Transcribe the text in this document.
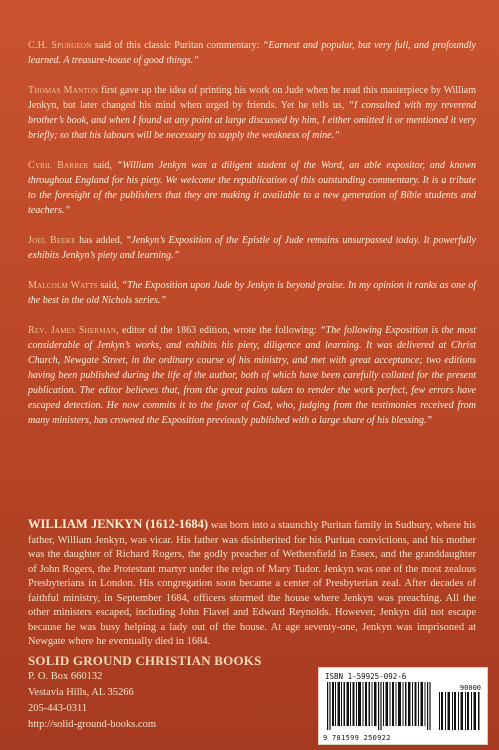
C.H. Spurgeon said of this classic Puritan commentary: “Earnest and popular, but very full, and profoundly learned. A treasure-house of good things.”

Thomas Manton first gave up the idea of printing his work on Jude when he read this masterpiece by William Jenkyn, but later changed his mind when urged by friends. Yet he tells us, “I consulted with my reverend brother’s book, and when I found at any point at large discussed by him, I either omitted it or mentioned it very briefly; so that his labours will be necessary to supply the weakness of mine.”

Cyril Barber said, “William Jenkyn was a diligent student of the Word, an able expositor, and known throughout England for his piety. We welcome the republication of this outstanding commentary. It is a tribute to the foresight of the publishers that they are making it available to a new generation of Bible students and teachers.”

Joel Beeke has added, “Jenkyn’s Exposition of the Epistle of Jude remains unsurpassed today. It powerfully exhibits Jenkyn’s piety and learning.”

Malcolm Watts said, “The Exposition upon Jude by Jenkyn is beyond praise. In my opinion it ranks as one of the best in the old Nichols series.”

Rev. James Sherman, editor of the 1863 edition, wrote the following: “The following Exposition is the most considerable of Jenkyn’s works, and exhibits his piety, diligence and learning. It was delivered at Christ Church, Newgate Street, in the ordinary course of his ministry, and met with great acceptance; two editions having been published during the life of the author, both of which have been carefully collated for the present publication. The editor believes that, from the great pains taken to render the work perfect, few errors have escaped detection. He now commits it to the favor of God, who, judging from the testimonies received from many ministers, has crowned the Exposition previously published with a large share of his blessing.”

WILLIAM JENKYN (1612-1684) was born into a staunchly Puritan family in Sudbury, where his father, William Jenkyn, was vicar. His father was disinherited for his Puritan convictions, and his mother was the daughter of Richard Rogers, the godly preacher of Wethersfield in Essex, and the granddaughter of John Rogers, the Protestant martyr under the reign of Mary Tudor. Jenkyn was one of the most zealous Presbyterians in London. His congregation soon became a center of Presbyterian zeal. After decades of faithful ministry, in September 1684, officers stormed the house where Jenkyn was preaching. All the other ministers escaped, including John Flavel and Edward Reynolds. However, Jenkyn did not escape because he was busy helping a lady out of the house. At age seventy-one, Jenkyn was imprisoned at Newgate where he eventually died in 1684.
SOLID GROUND CHRISTIAN BOOKS
P. O. Box 660132
Vestavia Hills, AL 35266
205-443-0311
http://solid-ground-books.com
ISBN 1-59925-092-6
90000
9 781599 250922
